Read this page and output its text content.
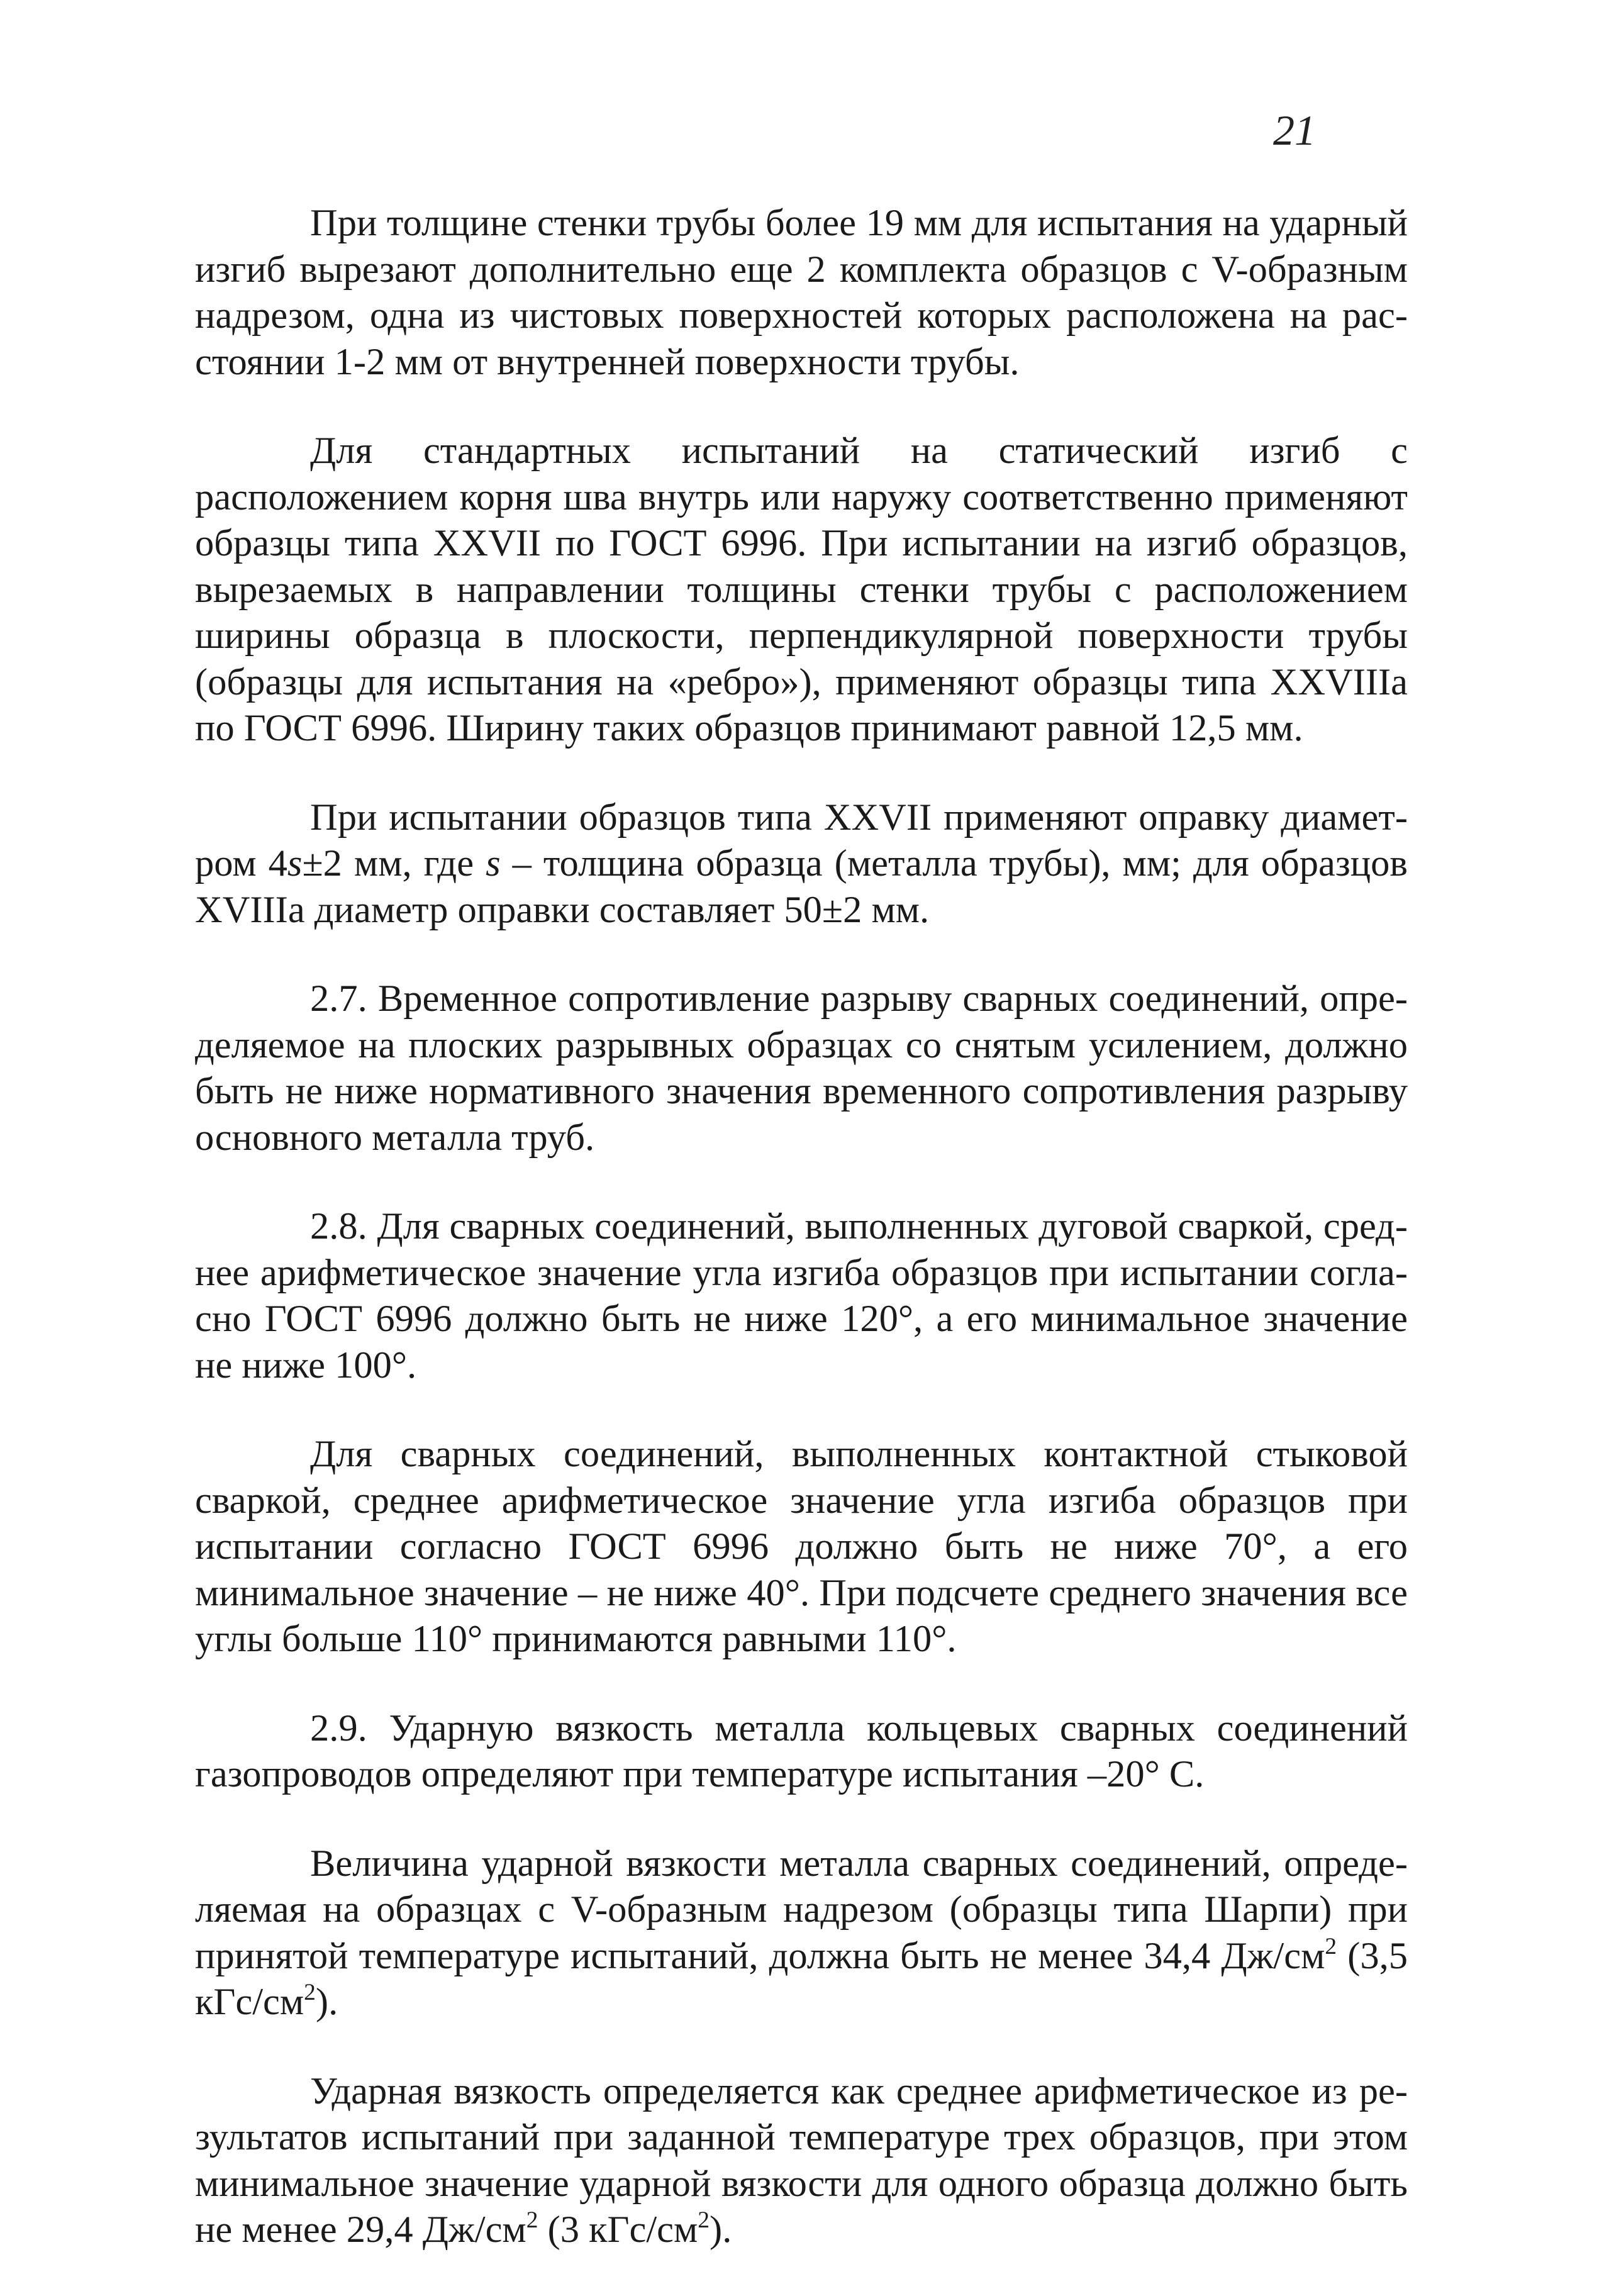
21

При толщине стенки трубы более 19 мм для испытания на ударный изгиб вырезают дополнительно еще 2 комплекта образцов с V-образным надрезом, одна из чистовых поверхностей которых расположена на расстоянии 1-2 мм от внутренней поверхности трубы.

Для стандартных испытаний на статический изгиб с расположением корня шва внутрь или наружу соответственно применяют образцы типа XXVII по ГОСТ 6996. При испытании на изгиб образцов, вырезаемых в направлении толщины стенки трубы с расположением ширины образца в плоскости, перпендикулярной поверхности трубы (образцы для испытания на «ребро»), применяют образцы типа XXVIIIa по ГОСТ 6996. Ширину таких образцов принимают равной 12,5 мм.

При испытании образцов типа XXVII применяют оправку диаметром 4s±2 мм, где s – толщина образца (металла трубы), мм; для образцов XVIIIa диаметр оправки составляет 50±2 мм.

2.7. Временное сопротивление разрыву сварных соединений, определяемое на плоских разрывных образцах со снятым усилением, должно быть не ниже нормативного значения временного сопротивления разрыву основного металла труб.

2.8. Для сварных соединений, выполненных дуговой сваркой, среднее арифметическое значение угла изгиба образцов при испытании согласно ГОСТ 6996 должно быть не ниже 120°, а его минимальное значение не ниже 100°.

Для сварных соединений, выполненных контактной стыковой сваркой, среднее арифметическое значение угла изгиба образцов при испытании согласно ГОСТ 6996 должно быть не ниже 70°, а его минимальное значение – не ниже 40°. При подсчете среднего значения все углы больше 110° принимаются равными 110°.

2.9. Ударную вязкость металла кольцевых сварных соединений газопроводов определяют при температуре испытания –20° С.

Величина ударной вязкости металла сварных соединений, определяемая на образцах с V-образным надрезом (образцы типа Шарпи) при принятой температуре испытаний, должна быть не менее 34,4 $Дж/см^2$ (3,5 кГс/$см^2$).

Ударная вязкость определяется как среднее арифметическое из результатов испытаний при заданной температуре трех образцов, при этом минимальное значение ударной вязкости для одного образца должно быть не менее 29,4 $Дж/см^2$ (3 кГс/$см^2$).
